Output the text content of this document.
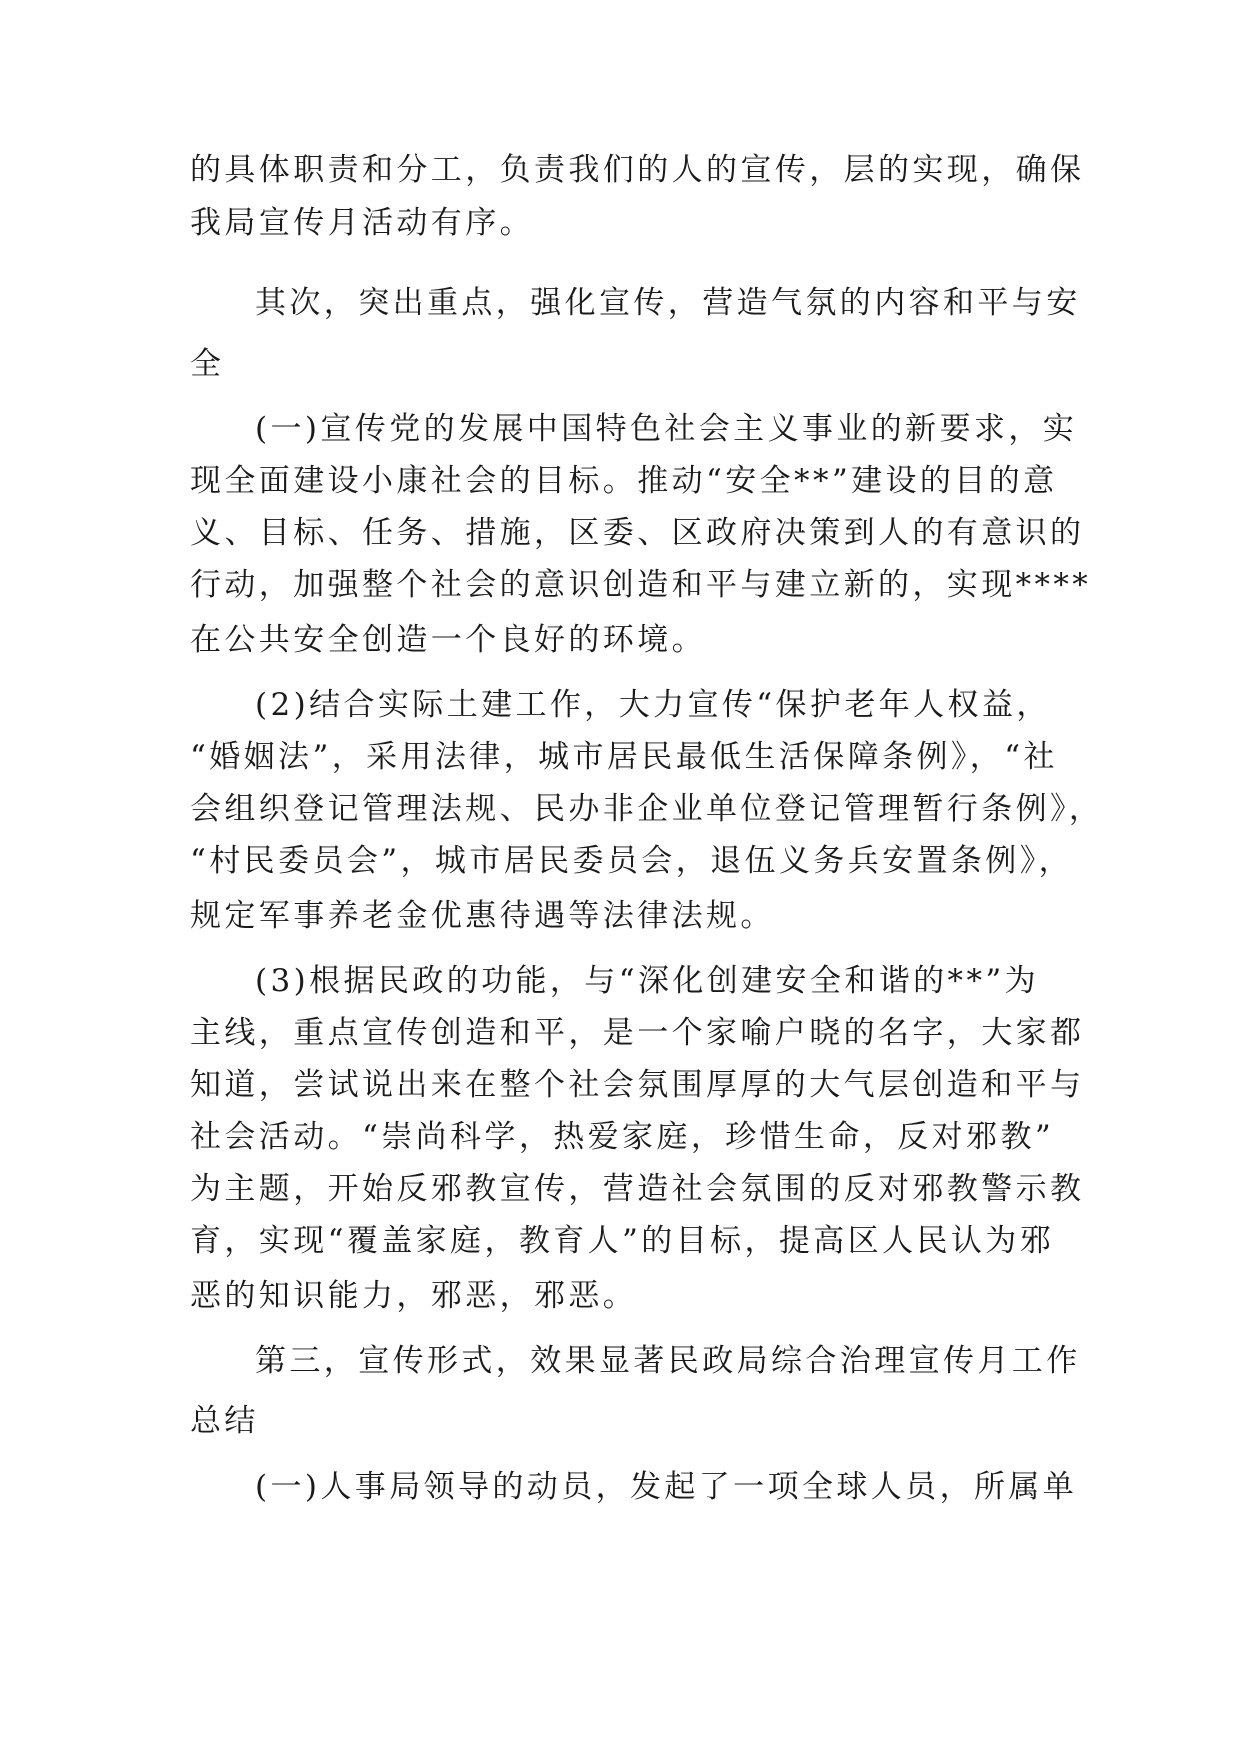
的具体职责和分工，负责我们的人的宣传，层的实现，确保
我局宣传月活动有序。
其次，突出重点，强化宣传，营造气氛的内容和平与安
全
(一)宣传党的发展中国特色社会主义事业的新要求，实
现全面建设小康社会的目标。推动“安全**”建设的目的意
义、目标、任务、措施，区委、区政府决策到人的有意识的
行动，加强整个社会的意识创造和平与建立新的，实现****
在公共安全创造一个良好的环境。
(2)结合实际土建工作，大力宣传“保护老年人权益，
“婚姻法”，采用法律，城市居民最低生活保障条例》，“社
会组织登记管理法规、民办非企业单位登记管理暂行条例》，
“村民委员会”，城市居民委员会，退伍义务兵安置条例》，
规定军事养老金优惠待遇等法律法规。
(3)根据民政的功能，与“深化创建安全和谐的**”为
主线，重点宣传创造和平，是一个家喻户晓的名字，大家都
知道，尝试说出来在整个社会氛围厚厚的大气层创造和平与
社会活动。“崇尚科学，热爱家庭，珍惜生命，反对邪教”
为主题，开始反邪教宣传，营造社会氛围的反对邪教警示教
育，实现“覆盖家庭，教育人”的目标，提高区人民认为邪
恶的知识能力，邪恶，邪恶。
第三，宣传形式，效果显著民政局综合治理宣传月工作
总结
(一)人事局领导的动员，发起了一项全球人员，所属单
